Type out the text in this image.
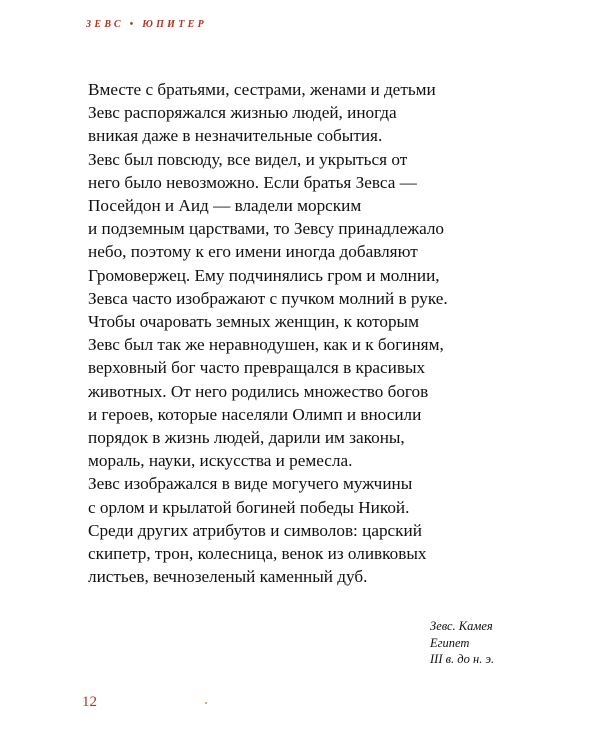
ЗЕВС • ЮПИТЕР
Вместе с братьями, сестрами, женами и детьми
Зевс распоряжался жизнью людей, иногда
вникая даже в незначительные события.
Зевс был повсюду, все видел, и укрыться от
него было невозможно. Если братья Зевса —
Посейдон и Аид — владели морским
и подземным царствами, то Зевсу принадлежало
небо, поэтому к его имени иногда добавляют
Громовержец. Ему подчинялись гром и молнии,
Зевса часто изображают с пучком молний в руке.
Чтобы очаровать земных женщин, к которым
Зевс был так же неравнодушен, как и к богиням,
верховный бог часто превращался в красивых
животных. От него родились множество богов
и героев, которые населяли Олимп и вносили
порядок в жизнь людей, дарили им законы,
мораль, науки, искусства и ремесла.
Зевс изображался в виде могучего мужчины
с орлом и крылатой богиней победы Никой.
Среди других атрибутов и символов: царский
скипетр, трон, колесница, венок из оливковых
листьев, вечнозеленый каменный дуб.
Зевс. Камея
Египет
III в. до н. э.
12
